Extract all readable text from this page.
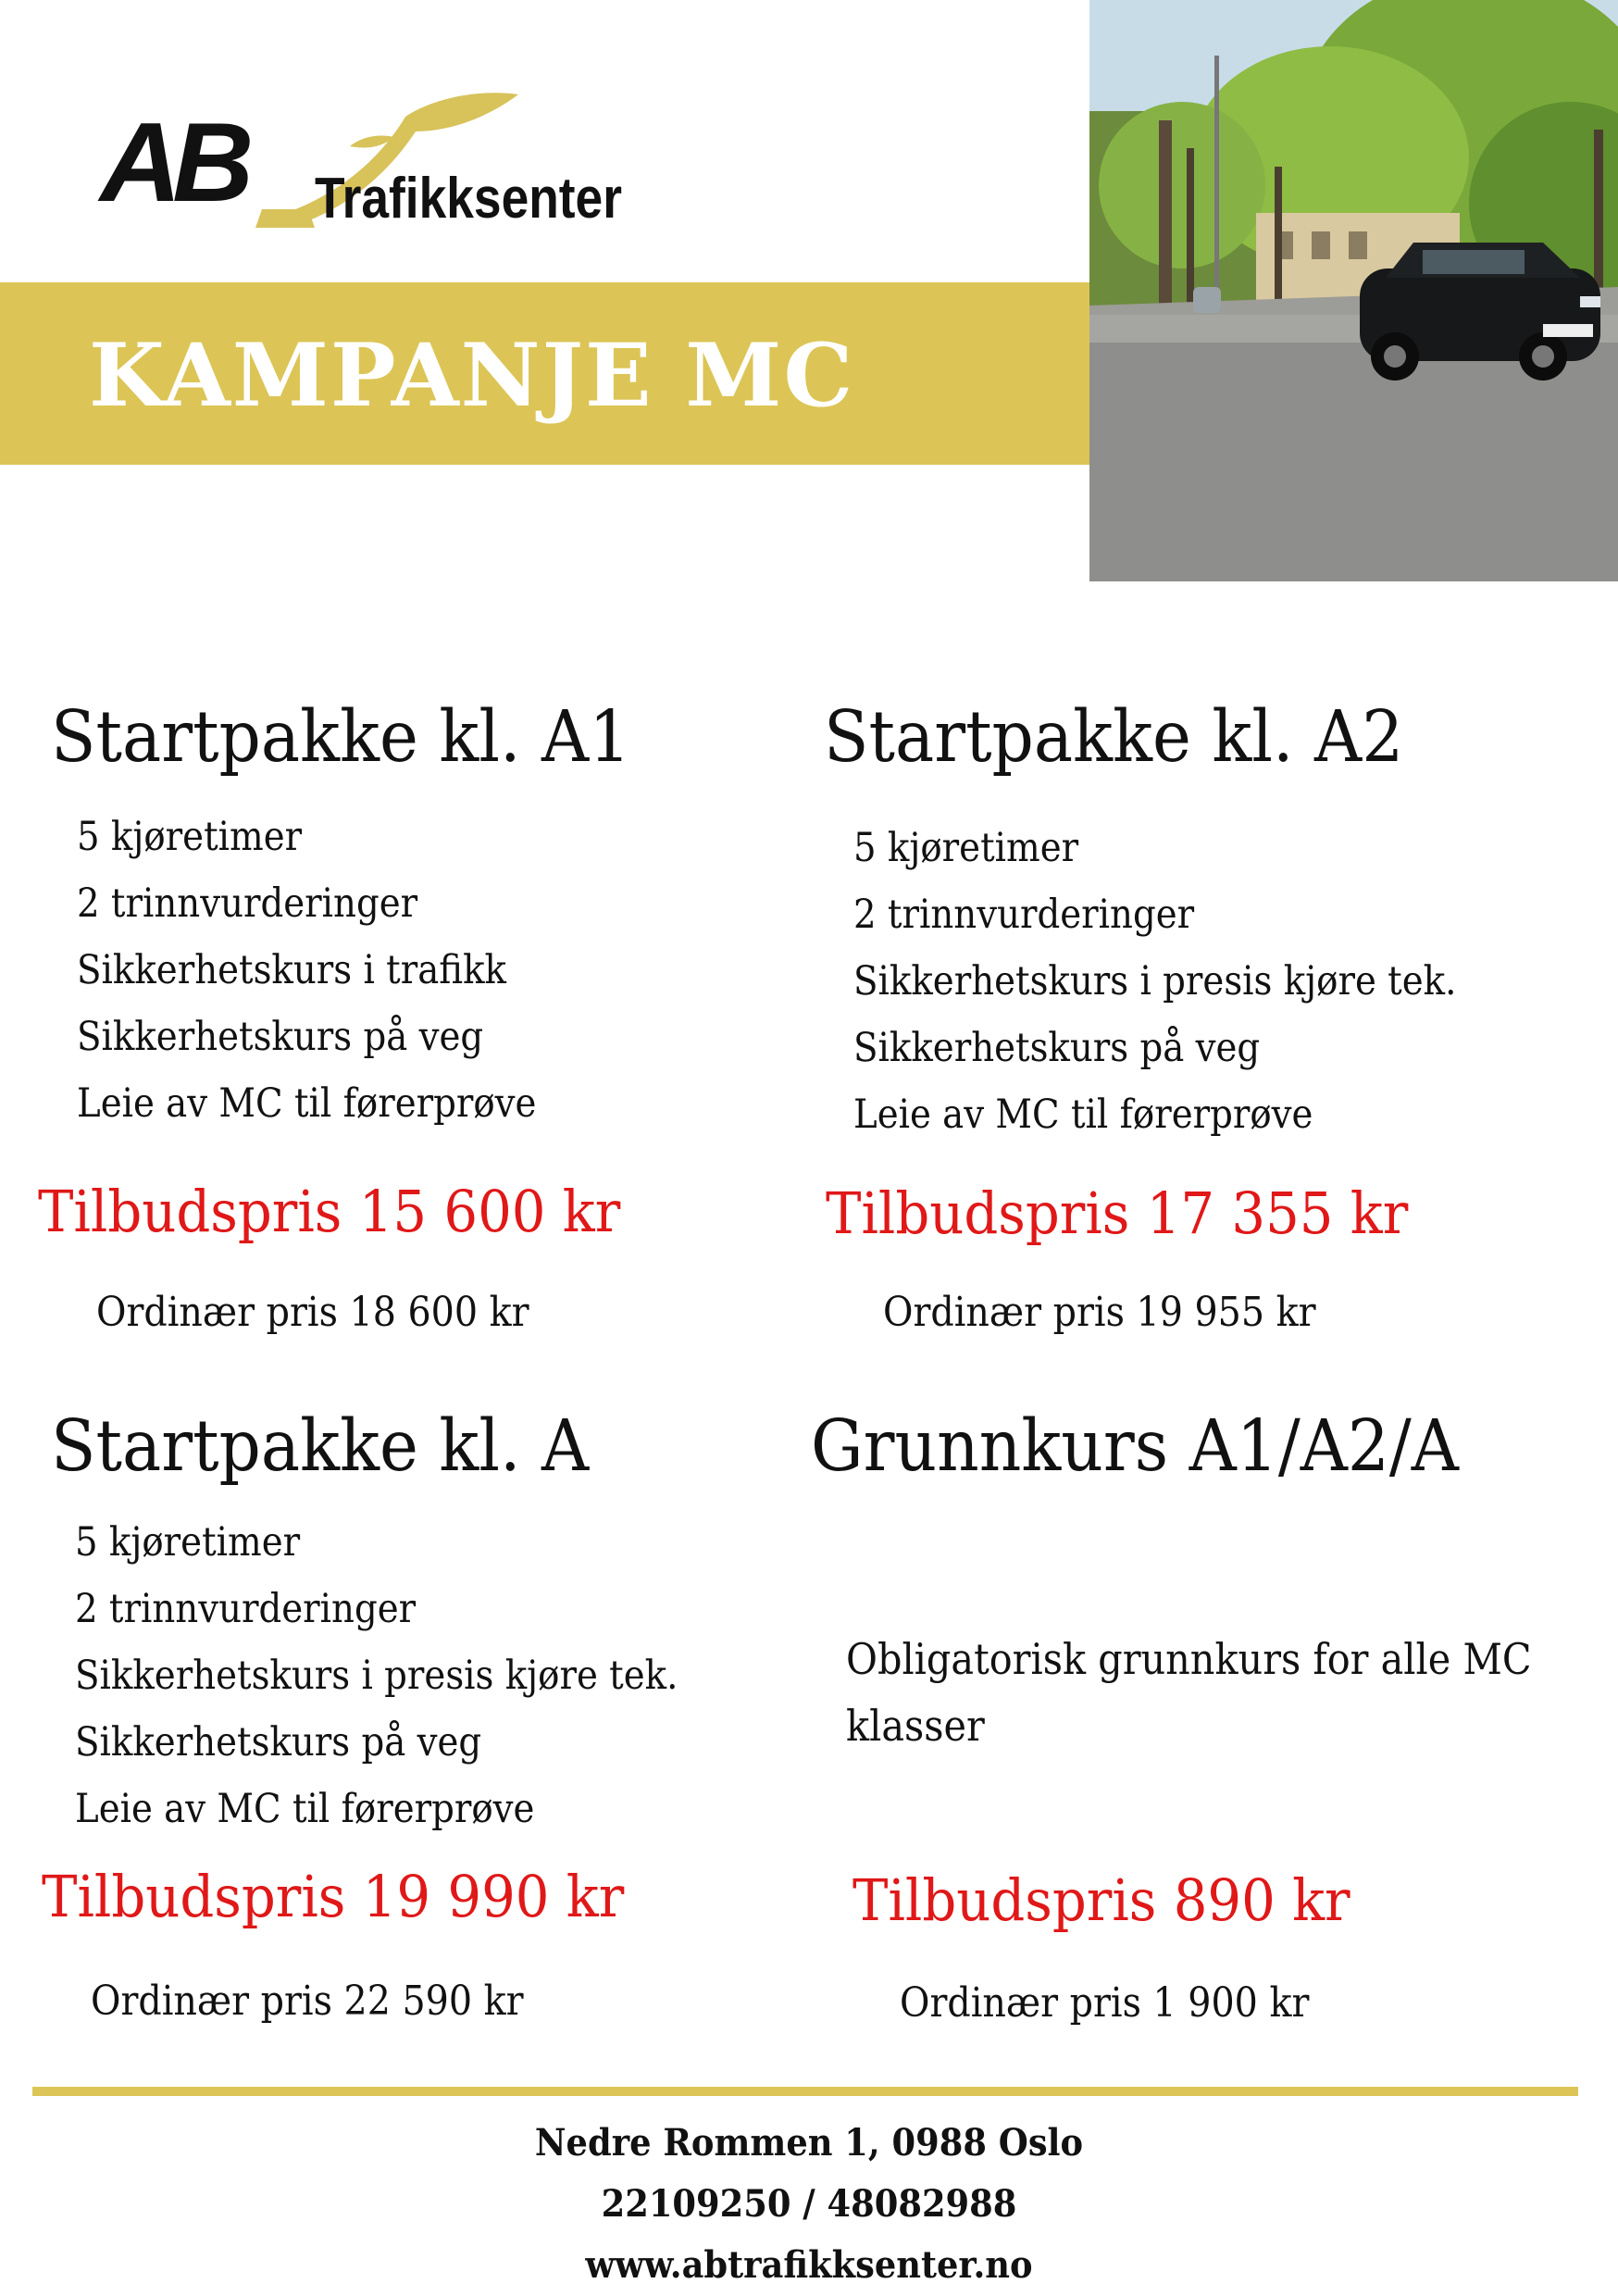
AB Trafikksenter
KAMPANJE MC
Startpakke kl. A1
5 kjøretimer
2 trinnvurderinger
Sikkerhetskurs i trafikk
Sikkerhetskurs på veg
Leie av MC til førerprøve
Tilbudspris 15 600 kr
Ordinær pris 18 600 kr
Startpakke kl. A2
5 kjøretimer
2 trinnvurderinger
Sikkerhetskurs i presis kjøre tek.
Sikkerhetskurs på veg
Leie av MC til førerprøve
Tilbudspris 17 355 kr
Ordinær pris 19 955 kr
Startpakke kl. A
5 kjøretimer
2 trinnvurderinger
Sikkerhetskurs i presis kjøre tek.
Sikkerhetskurs på veg
Leie av MC til førerprøve
Tilbudspris 19 990 kr
Ordinær pris 22 590 kr
Grunnkurs A1/A2/A
Obligatorisk grunnkurs for alle MC klasser
Tilbudspris 890 kr
Ordinær pris 1 900 kr
Nedre Rommen 1, 0988 Oslo
22109250 / 48082988
www.abtrafikksenter.no
